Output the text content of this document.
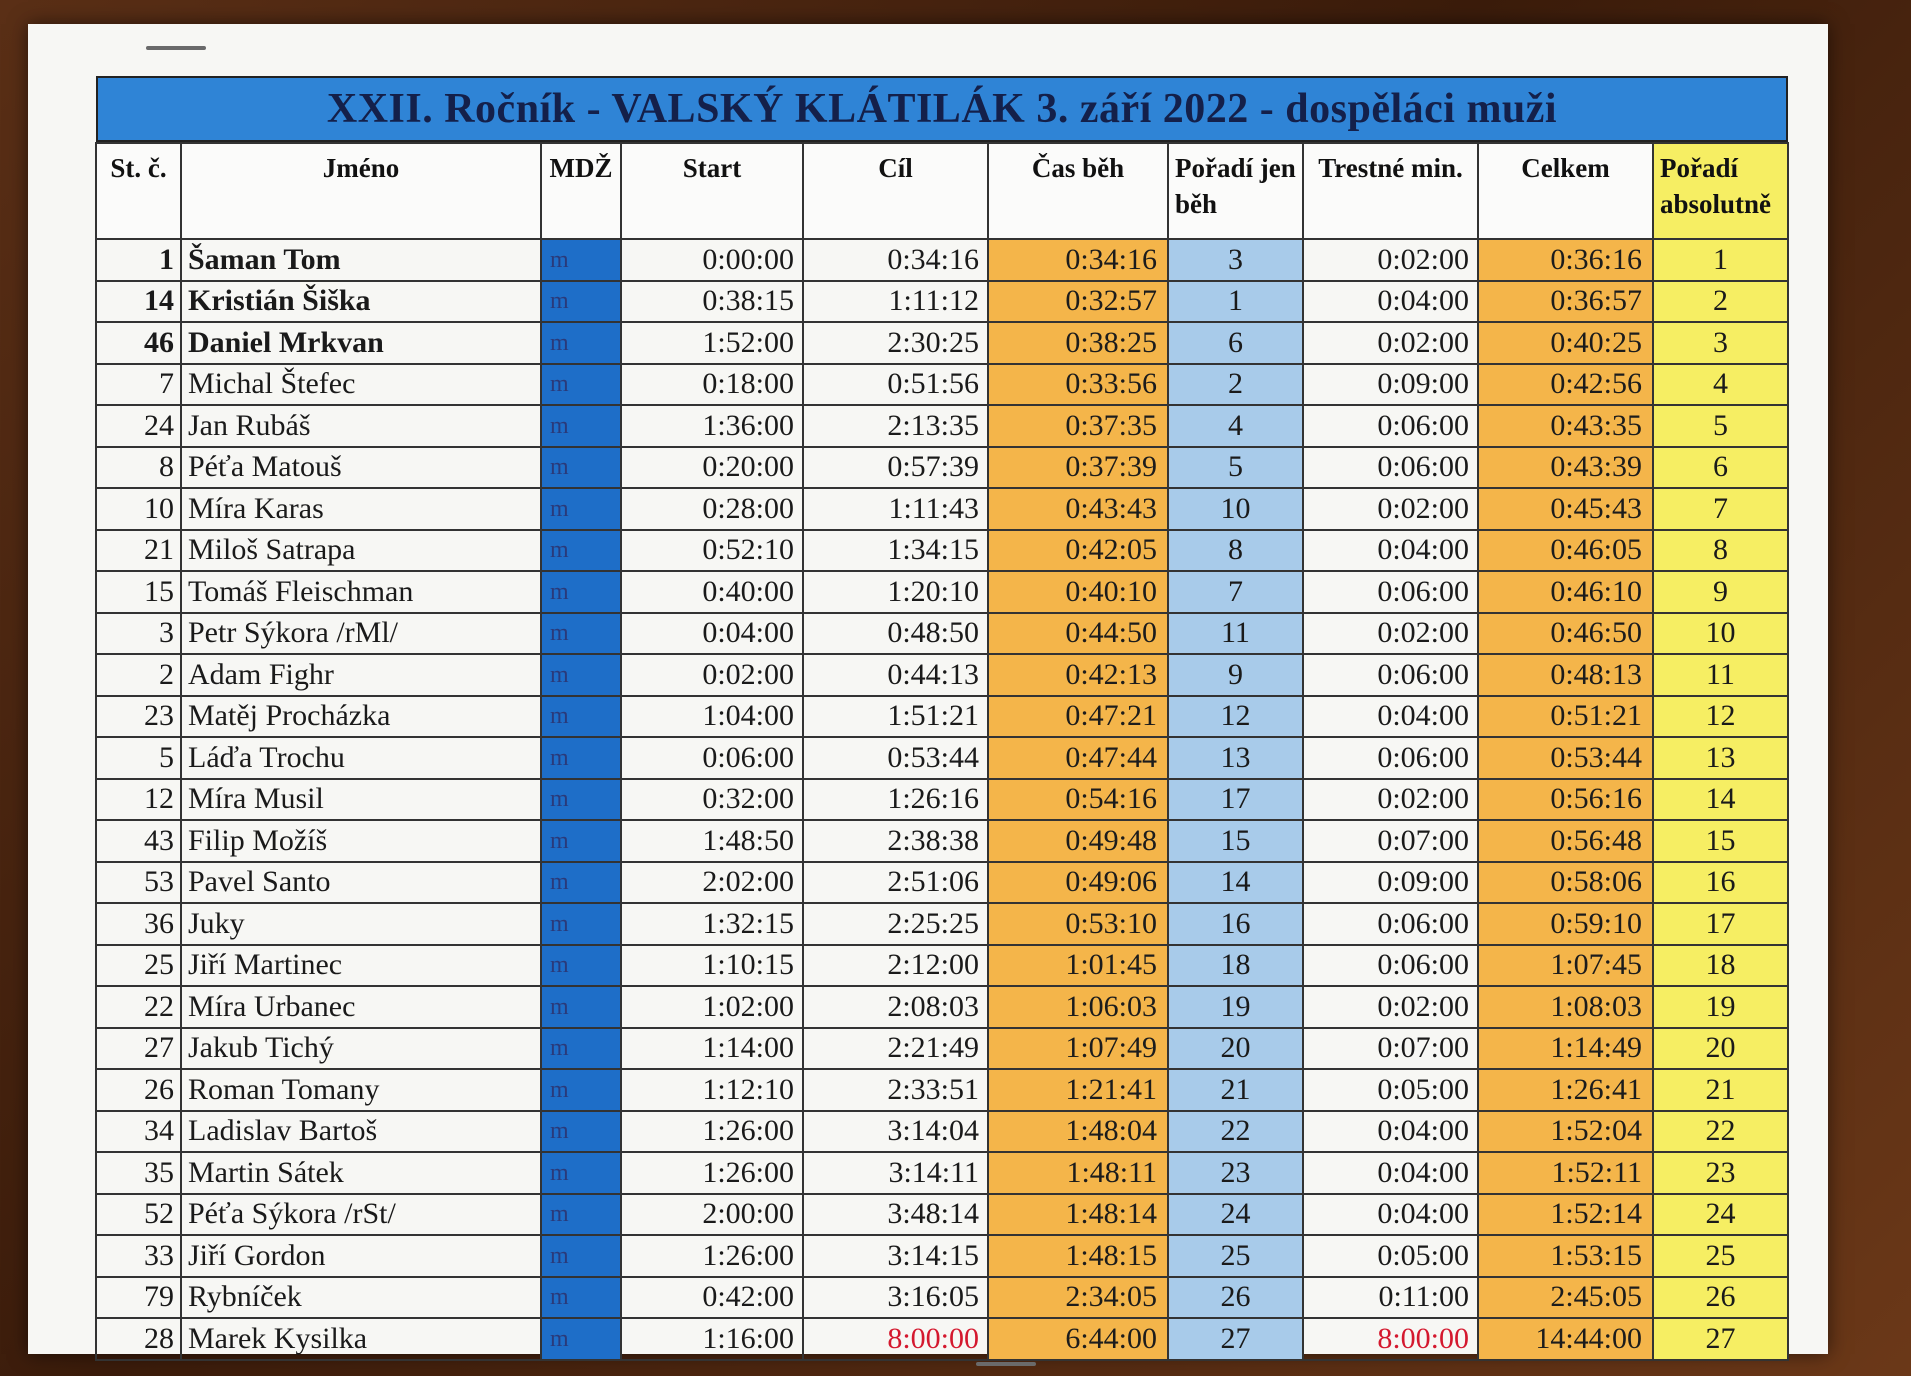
XXII. Ročník - VALSKÝ KLÁTILÁK 3. září 2022 - dospěláci muži
	St. č.	Jméno	MDŽ	Start	Cíl	Čas běh	Pořadí jen běh	Trestné min.	Celkem	Pořadí absolutně
	1	Šaman Tom	m	0:00:00	0:34:16	0:34:16	3	0:02:00	0:36:16	1
	14	Kristián Šiška	m	0:38:15	1:11:12	0:32:57	1	0:04:00	0:36:57	2
	46	Daniel Mrkvan	m	1:52:00	2:30:25	0:38:25	6	0:02:00	0:40:25	3
	7	Michal Štefec	m	0:18:00	0:51:56	0:33:56	2	0:09:00	0:42:56	4
	24	Jan Rubáš	m	1:36:00	2:13:35	0:37:35	4	0:06:00	0:43:35	5
	8	Péťa Matouš	m	0:20:00	0:57:39	0:37:39	5	0:06:00	0:43:39	6
	10	Míra Karas	m	0:28:00	1:11:43	0:43:43	10	0:02:00	0:45:43	7
	21	Miloš Satrapa	m	0:52:10	1:34:15	0:42:05	8	0:04:00	0:46:05	8
	15	Tomáš Fleischman	m	0:40:00	1:20:10	0:40:10	7	0:06:00	0:46:10	9
	3	Petr Sýkora /rMl/	m	0:04:00	0:48:50	0:44:50	11	0:02:00	0:46:50	10
	2	Adam Fighr	m	0:02:00	0:44:13	0:42:13	9	0:06:00	0:48:13	11
	23	Matěj Procházka	m	1:04:00	1:51:21	0:47:21	12	0:04:00	0:51:21	12
	5	Láďa Trochu	m	0:06:00	0:53:44	0:47:44	13	0:06:00	0:53:44	13
	12	Míra Musil	m	0:32:00	1:26:16	0:54:16	17	0:02:00	0:56:16	14
	43	Filip Možíš	m	1:48:50	2:38:38	0:49:48	15	0:07:00	0:56:48	15
	53	Pavel Santo	m	2:02:00	2:51:06	0:49:06	14	0:09:00	0:58:06	16
	36	Juky	m	1:32:15	2:25:25	0:53:10	16	0:06:00	0:59:10	17
	25	Jiří Martinec	m	1:10:15	2:12:00	1:01:45	18	0:06:00	1:07:45	18
	22	Míra Urbanec	m	1:02:00	2:08:03	1:06:03	19	0:02:00	1:08:03	19
	27	Jakub Tichý	m	1:14:00	2:21:49	1:07:49	20	0:07:00	1:14:49	20
	26	Roman Tomany	m	1:12:10	2:33:51	1:21:41	21	0:05:00	1:26:41	21
	34	Ladislav Bartoš	m	1:26:00	3:14:04	1:48:04	22	0:04:00	1:52:04	22
	35	Martin Sátek	m	1:26:00	3:14:11	1:48:11	23	0:04:00	1:52:11	23
	52	Péťa Sýkora /rSt/	m	2:00:00	3:48:14	1:48:14	24	0:04:00	1:52:14	24
	33	Jiří Gordon	m	1:26:00	3:14:15	1:48:15	25	0:05:00	1:53:15	25
	79	Rybníček	m	0:42:00	3:16:05	2:34:05	26	0:11:00	2:45:05	26
	28	Marek Kysilka	m	1:16:00	8:00:00	6:44:00	27	8:00:00	14:44:00	27
